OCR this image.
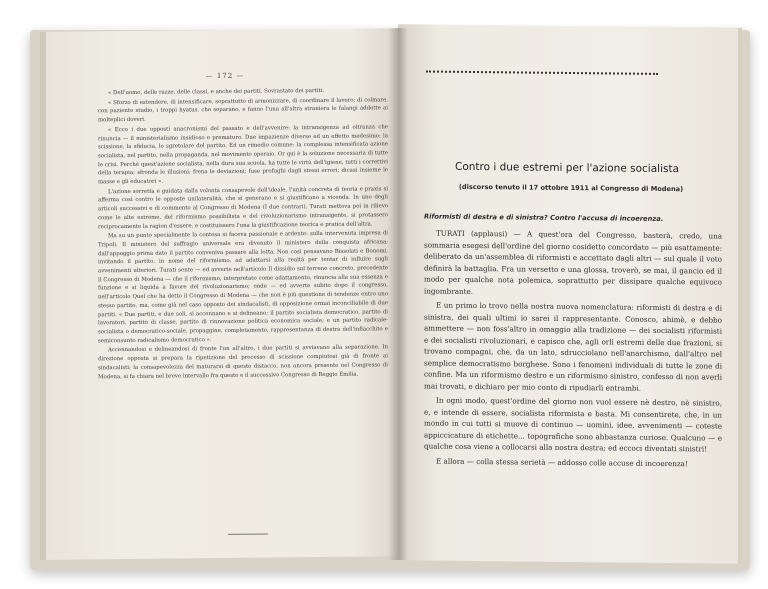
— 172 —

« Dell'uomo, delle razze, delle classi, e anche dei partiti. Sovrastato dei partiti.

« Sforzo di estendere, di intensificare, soprattutto di armonizzare, di coordinare il lavoro; di colmare, con paziente studio, i troppi hyatus, che separano, e fanno l'una all'altra straniera le falangi addette ai molteplici doveri.

« Ecco i due opposti anacronismi del passato e dell'avvenire: la intransigenza ad oltranza che rinuncia — il ministerialismo insidioso e prematuro. Due impazienze diverse ed un effetto medesimo: la scissione, la sfiducia, lo sgretolare del partito. Ed un rimedio comune: la complessa intensificata azione socialista, nel partito, nella propaganda, nel movimento operaio. Or qui è la soluzione necessaria di tutte le crisi. Perchè quest'azione socialista, nella dura sua scuola, ha tutte le virtù dell'igiene, tutti i correttivi della terapia; sfronda le illusioni; frena le deviazioni; fuse profughi dagli stessi errori; dicasi insieme le masse e gli educatori ».

L'azione sorretta e guidata dalla volontà consapevole dell'ideale, l'unità concreta di teoria e praxis si afferma così contro le opposte unilateralità, che si generano e si giustificano a vicenda. In uno degli articoli successivi e di commento al Congresso di Modena (I due contrari), Turati metteva poi in rilievo come le alte estreme, del riformismo possibilista e del rivoluzionarismo intransigente, si protassero reciprocamente la ragion d'essere, e costituissero l'una la giustificazione teorica e pratica dell'altra.

Ma su un punto specialmente la contesa si faceva passionale e ardente: sulla intervenuta impresa di Tripoli. Il ministero del suffragio universale era divenuto il ministero della conquista africana; dall'appoggio prima dato il partito conveniva passare alla lotta. Non così pensavano Bissolati e Bonomi, invitando il partito, in nome del riformismo, ad adattarsi alla realtà per tentar di influire sugli avvenimenti ulteriori. Turati sente — ed avverte nell'articolo Il dissidio sul terreno concreto, precedente il Congresso di Modena — che il riformismo, interpretato come adattamento, rinuncia alla sua essenza e funzione e si liquida a favore del rivoluzionarismo; onde — ed avverte subito dopo il congresso, nell'articolo Quel che ha detto il Congresso di Modena — che non è più questione di tendenze entro uno stesso partito, ma, come già nel caso opposto dei sindacalisti, di opposizione ormai inconciliabile di due partiti. « Due partiti, e due soli, si accennano e si delineano; il partito socialista democratico, partito di lavoratori, partito di classe, partito di rinnovazione politica economica sociale; e un partito radicale-socialista o democratico-sociale, propaggine, completamento, rappresentanza di destra dell'infiacchito e semiconsunto radicalismo democratico ».

Accennandosi e delineandosi di fronte l'un all'altro, i due partiti si avviavano alla separazione. In direzione opposta si prepara la ripetizione del processo di scissione compiutosi già di fronte ai sindacalisti; la consapevolezza del maturarsi di questo distacco, non ancora presente nel Congresso di Modena, si fa chiara nel breve intervallo fra questo e il successivo Congresso di Reggio Emilia.

Contro i due estremi per l'azione socialista
(discorso tenuto il 17 ottobre 1911 al Congresso di Modena)
Riformisti di destra e di sinistra? Contro l'accusa di incoerenza.

TURATI (applausi) — A quest'ora del Congresso, basterà, credo, una sommaria esegesi dell'ordine del giorno cosidetto concordato — più esattamente: deliberato da un'assemblea di riformisti e accettato dagli altri — sul quale il voto definirà la battaglia. Fra un versetto e una glossa, troverò, se mai, il gancio ed il modo per qualche nota polemica, soprattutto per dissipare qualche equivoco ingombrante.

E un primo lo trovo nella nostra nuova nomenclatura: riformisti di destra e di sinistra, dei quali ultimi io sarei il rappresentante. Conosco, ahimè, e debbo ammettere — non foss'altro in omaggio alla tradizione — dei socialisti riformisti e dei socialisti rivoluzionari, e capisco che, agli orli estremi delle due frazioni, si trovano compagni, che, da un lato, sdrucciolano nell'anarchismo, dall'altro nel semplice democratismo borghese. Sono i fenomeni individuali di tutte le zone di confine. Ma un riformismo destro e un riformismo sinistro, confesso di non averli mai trovati, e dichiaro per mio conto di ripudiarli entrambi.

In ogni modo, quest'ordine del giorno non vuol essere nè destro, nè sinistro, e, e intende di essere, socialista riformista e basta. Mi consentirete, che, in un mondo in cui tutti si muove di continuo — uomini, idee, avvenimenti — coteste appiccicature di etichette... topografiche sono abbastanza curiose. Qualcuno — e qualche cosa viene a collocarsi alla nostra destra; ed eccoci diventati sinistri!

E allora — colla stessa serietà — addosso colle accuse di incoerenza!
